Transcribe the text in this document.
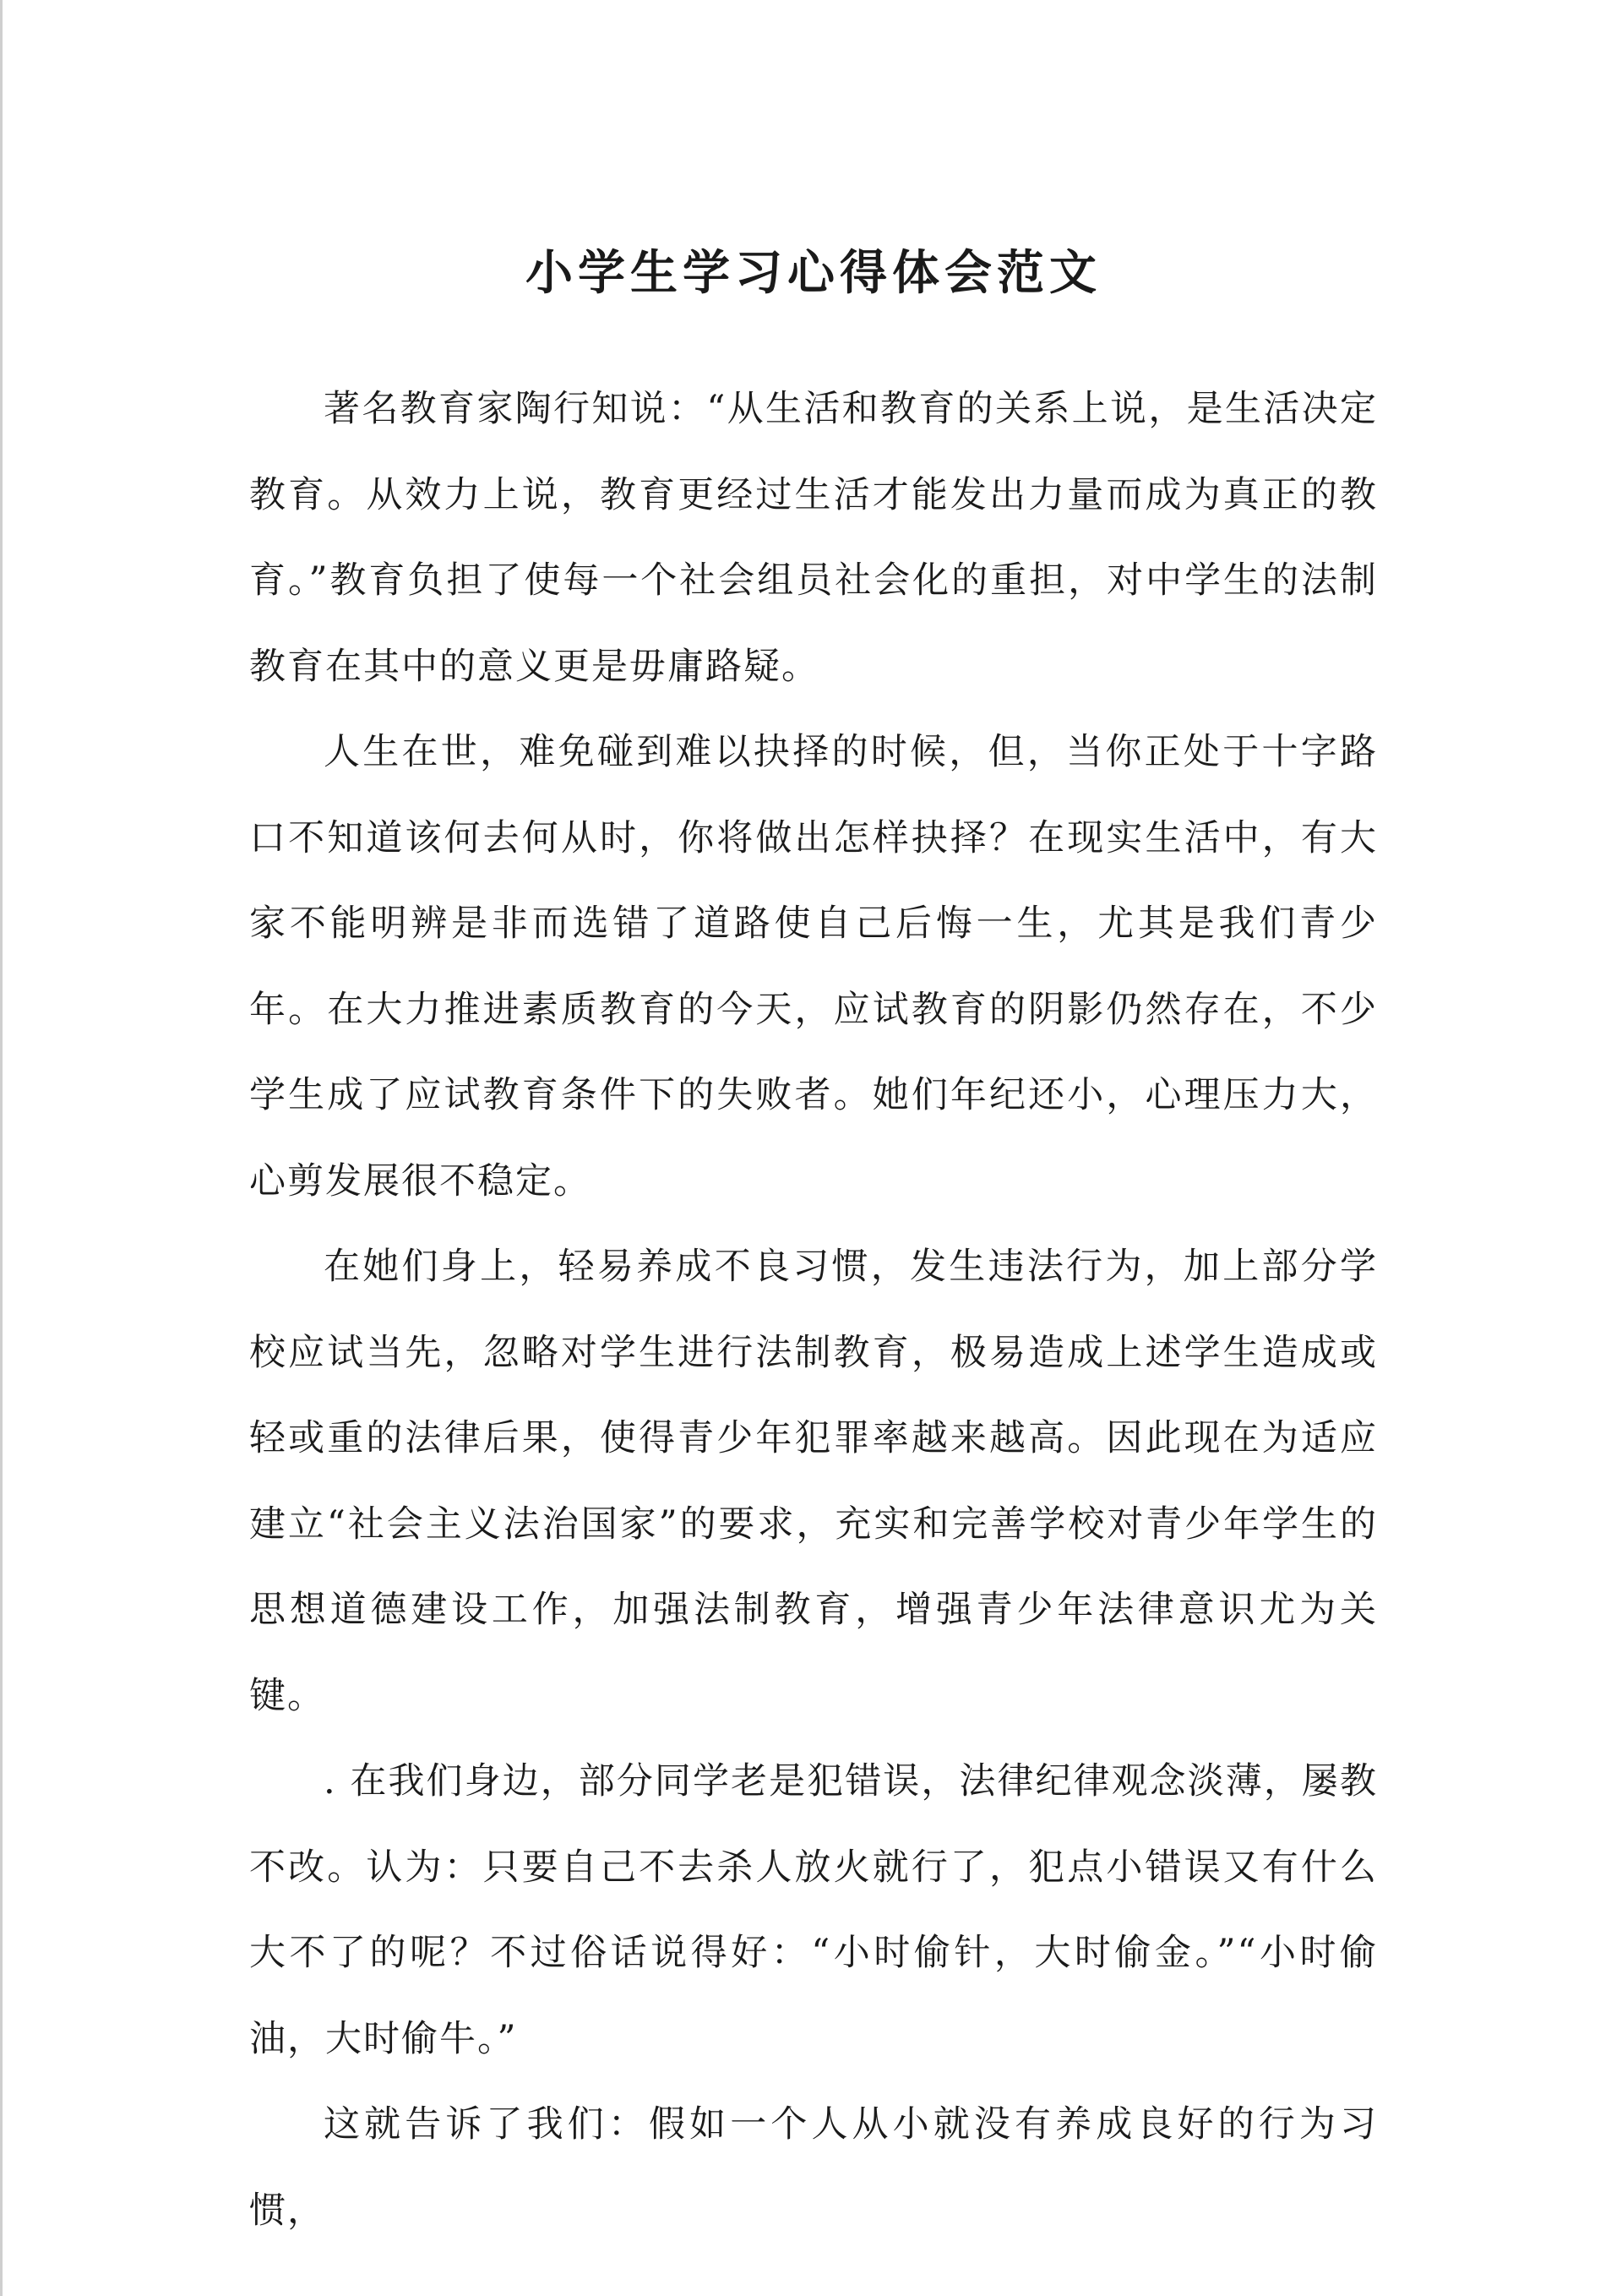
小学生学习心得体会范文

著名教育家陶行知说：“从生活和教育的关系上说，是生活决定教育。从效力上说，教育更经过生活才能发出力量而成为真正的教育。”教育负担了使每一个社会组员社会化的重担，对中学生的法制教育在其中的意义更是毋庸路疑。

人生在世，难免碰到难以抉择的时候，但，当你正处于十字路口不知道该何去何从时，你将做出怎样抉择？在现实生活中，有大家不能明辨是非而选错了道路使自己后悔一生，尤其是我们青少年。在大力推进素质教育的今天，应试教育的阴影仍然存在，不少学生成了应试教育条件下的失败者。她们年纪还小，心理压力大，心剪发展很不稳定。

在她们身上，轻易养成不良习惯，发生违法行为，加上部分学校应试当先，忽略对学生进行法制教育，极易造成上述学生造成或轻或重的法律后果，使得青少年犯罪率越来越高。因此现在为适应建立“社会主义法治国家”的要求，充实和完善学校对青少年学生的思想道德建设工作，加强法制教育，增强青少年法律意识尤为关键。

. 在我们身边，部分同学老是犯错误，法律纪律观念淡薄，屡教不改。认为：只要自己不去杀人放火就行了，犯点小错误又有什么大不了的呢？不过俗话说得好：“小时偷针，大时偷金。”“小时偷油，大时偷牛。”

这就告诉了我们：假如一个人从小就没有养成良好的行为习惯，
